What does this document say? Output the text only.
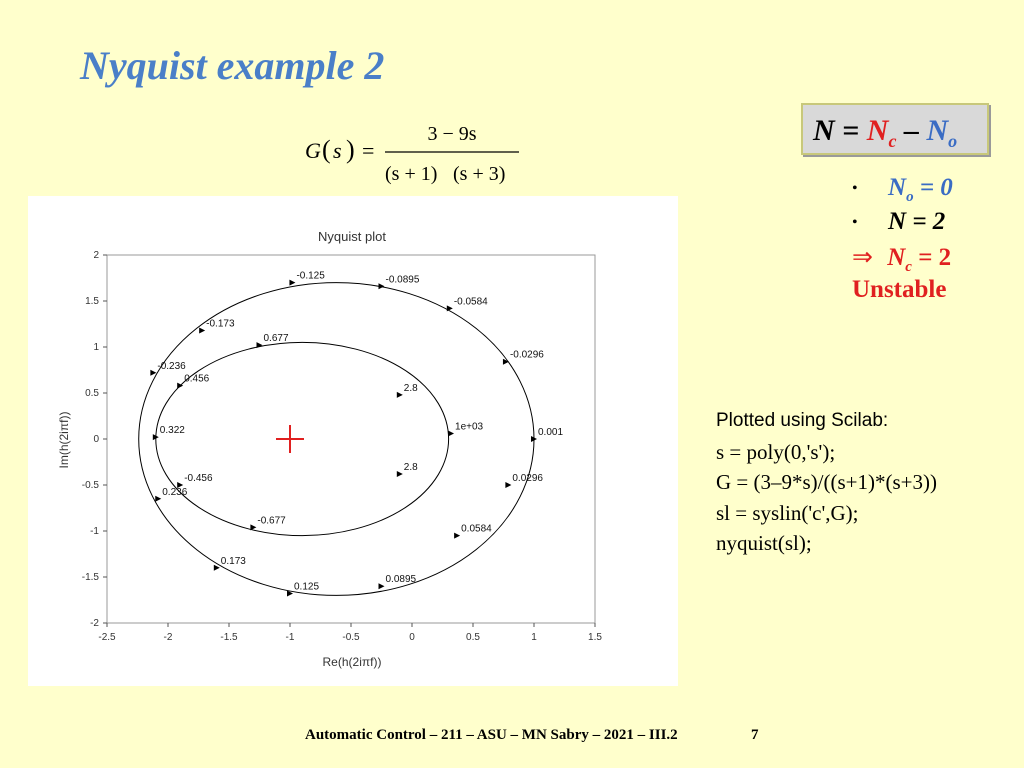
Nyquist example 2
G ( s ) =
3 − 9s
(s + 1) (s + 3)
$N = N_c - N_o$
• $N_o = 0$
• N = 2
⇒ $N_c = 2$
Unstable
Plotted using Scilab:
s = poly(0,'s');
G = (3–9*s)/((s+1)*(s+3))
sl = syslin('c',G);
nyquist(sl);
-2.5	-2	-1.5	-1	-0.5	0	0.5	1	1.5
2
1.5
1
0.5
0
-0.5
-1
-1.5
-2
-0.125	-0.0895
-0.0584
-0.0296
0.001
0.0296
0.0584
0.0895
0.125
0.173
0.236
-0.173
-0.236
0.677
0.456
0.322
-0.456
-0.677
2.8
1e+03
2.8
Nyquist plot
Re(h(2iπf))
Im(h(2iπf))
Automatic Control – 211 – ASU – MN Sabry – 2021 – III.2	7
